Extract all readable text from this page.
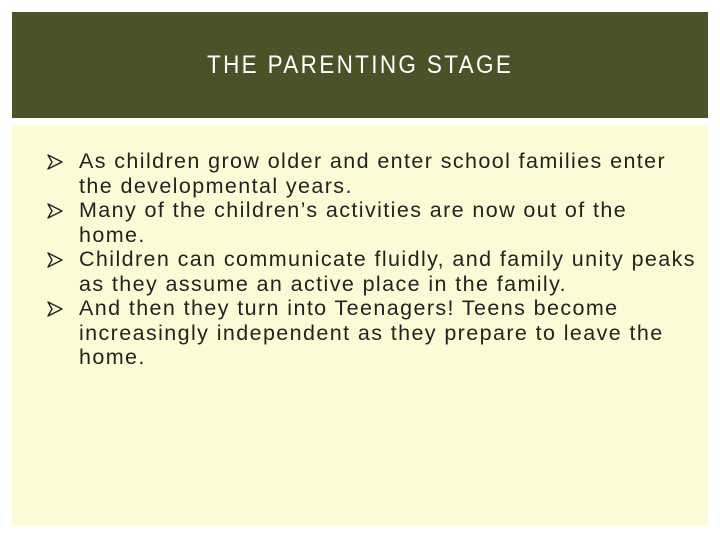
THE PARENTING STAGE
As children grow older and enter school families enter the developmental years.
Many of the children’s activities are now out of the home.
Children can communicate fluidly, and family unity peaks as they assume an active place in the family.
And then they turn into Teenagers! Teens become increasingly independent as they prepare to leave the home.
